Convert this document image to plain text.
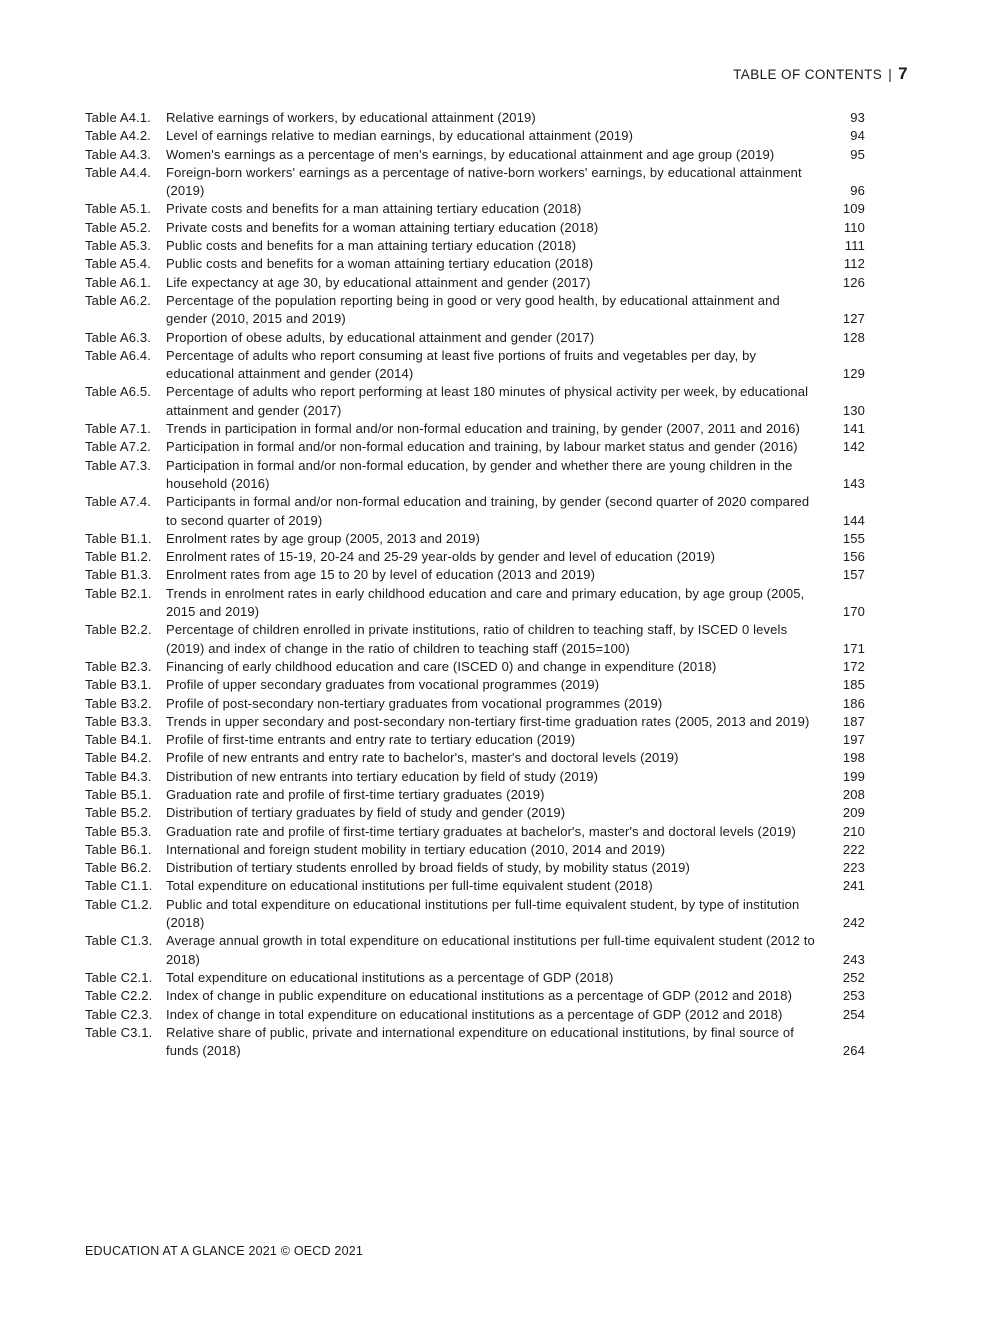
TABLE OF CONTENTS | 7
Table A4.1.	Relative earnings of workers, by educational attainment (2019)	93
Table A4.2.	Level of earnings relative to median earnings, by educational attainment (2019)	94
Table A4.3.	Women's earnings as a percentage of men's earnings, by educational attainment and age group (2019)	95
Table A4.4.	Foreign-born workers' earnings as a percentage of native-born workers' earnings, by educational attainment (2019)	96
Table A5.1.	Private costs and benefits for a man attaining tertiary education (2018)	109
Table A5.2.	Private costs and benefits for a woman attaining tertiary education (2018)	110
Table A5.3.	Public costs and benefits for a man attaining tertiary education (2018)	111
Table A5.4.	Public costs and benefits for a woman attaining tertiary education (2018)	112
Table A6.1.	Life expectancy at age 30, by educational attainment and gender (2017)	126
Table A6.2.	Percentage of the population reporting being in good or very good health, by educational attainment and gender (2010, 2015 and 2019)	127
Table A6.3.	Proportion of obese adults, by educational attainment and gender (2017)	128
Table A6.4.	Percentage of adults who report consuming at least five portions of fruits and vegetables per day, by educational attainment and gender (2014)	129
Table A6.5.	Percentage of adults who report performing at least 180 minutes of physical activity per week, by educational attainment and gender (2017)	130
Table A7.1.	Trends in participation in formal and/or non-formal education and training, by gender (2007, 2011 and 2016)	141
Table A7.2.	Participation in formal and/or non-formal education and training, by labour market status and gender (2016)	142
Table A7.3.	Participation in formal and/or non-formal education, by gender and whether there are young children in the household (2016)	143
Table A7.4.	Participants in formal and/or non-formal education and training, by gender (second quarter of 2020 compared to second quarter of 2019)	144
Table B1.1.	Enrolment rates by age group (2005, 2013 and 2019)	155
Table B1.2.	Enrolment rates of 15-19, 20-24 and 25-29 year-olds by gender and level of education (2019)	156
Table B1.3.	Enrolment rates from age 15 to 20 by level of education (2013 and 2019)	157
Table B2.1.	Trends in enrolment rates in early childhood education and care and primary education, by age group (2005, 2015 and 2019)	170
Table B2.2.	Percentage of children enrolled in private institutions, ratio of children to teaching staff, by ISCED 0 levels (2019) and index of change in the ratio of children to teaching staff (2015=100)	171
Table B2.3.	Financing of early childhood education and care (ISCED 0) and change in expenditure (2018)	172
Table B3.1.	Profile of upper secondary graduates from vocational programmes (2019)	185
Table B3.2.	Profile of post-secondary non-tertiary graduates from vocational programmes (2019)	186
Table B3.3.	Trends in upper secondary and post-secondary non-tertiary first-time graduation rates (2005, 2013 and 2019)	187
Table B4.1.	Profile of first-time entrants and entry rate to tertiary education (2019)	197
Table B4.2.	Profile of new entrants and entry rate to bachelor's, master's and doctoral levels (2019)	198
Table B4.3.	Distribution of new entrants into tertiary education by field of study (2019)	199
Table B5.1.	Graduation rate and profile of first-time tertiary graduates (2019)	208
Table B5.2.	Distribution of tertiary graduates by field of study and gender (2019)	209
Table B5.3.	Graduation rate and profile of first-time tertiary graduates at bachelor's, master's and doctoral levels (2019)	210
Table B6.1.	International and foreign student mobility in tertiary education (2010, 2014 and 2019)	222
Table B6.2.	Distribution of tertiary students enrolled by broad fields of study, by mobility status (2019)	223
Table C1.1.	Total expenditure on educational institutions per full-time equivalent student (2018)	241
Table C1.2.	Public and total expenditure on educational institutions per full-time equivalent student, by type of institution (2018)	242
Table C1.3.	Average annual growth in total expenditure on educational institutions per full-time equivalent student (2012 to 2018)	243
Table C2.1.	Total expenditure on educational institutions as a percentage of GDP (2018)	252
Table C2.2.	Index of change in public expenditure on educational institutions as a percentage of GDP (2012 and 2018)	253
Table C2.3.	Index of change in total expenditure on educational institutions as a percentage of GDP (2012 and 2018)	254
Table C3.1.	Relative share of public, private and international expenditure on educational institutions, by final source of funds (2018)	264
EDUCATION AT A GLANCE 2021 © OECD 2021
